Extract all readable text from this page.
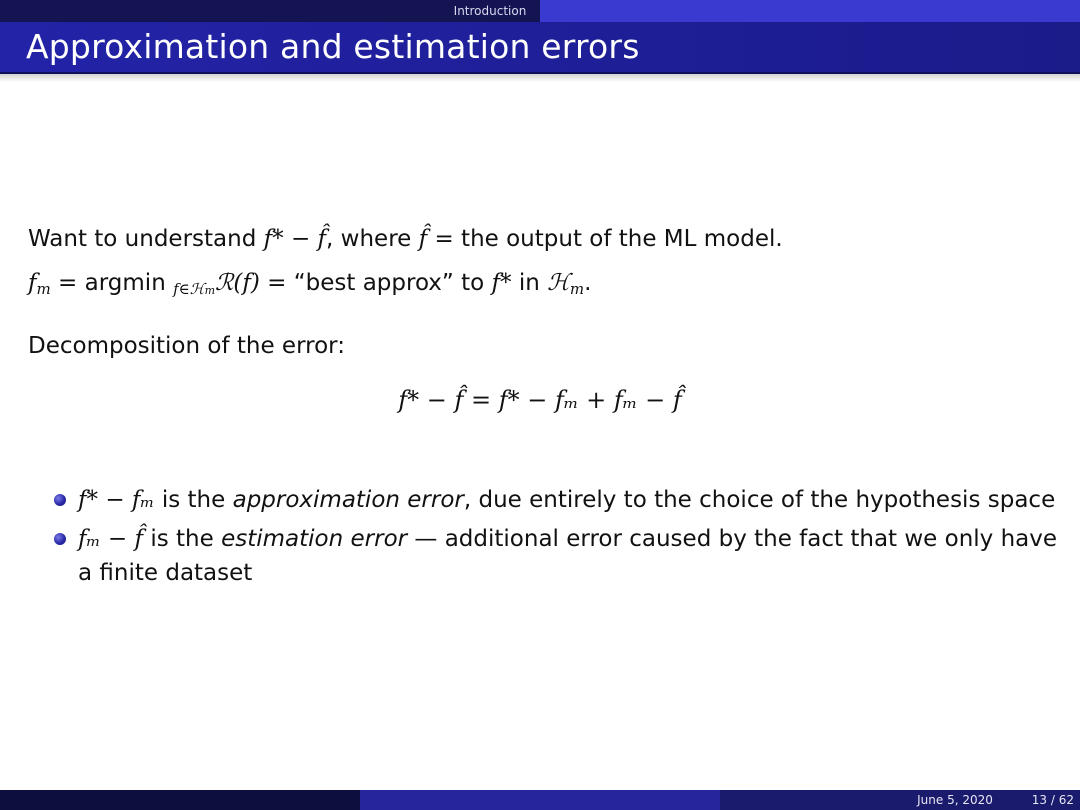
Introduction
Approximation and estimation errors
Want to understand f* − f̂, where f̂ = the output of the ML model.
$f_m = argmin$ $_{f\in ℋm}$ℛ(f) = “best approx” to f* in ℋ$_m$.
Decomposition of the error:
f* − f̂ = f* − fₘ + fₘ − f̂
f* − fₘ is the approximation error, due entirely to the choice of the hypothesis space
fₘ − f̂ is the estimation error — additional error caused by the fact that we only have a finite dataset
June 5, 2020	13 / 62
